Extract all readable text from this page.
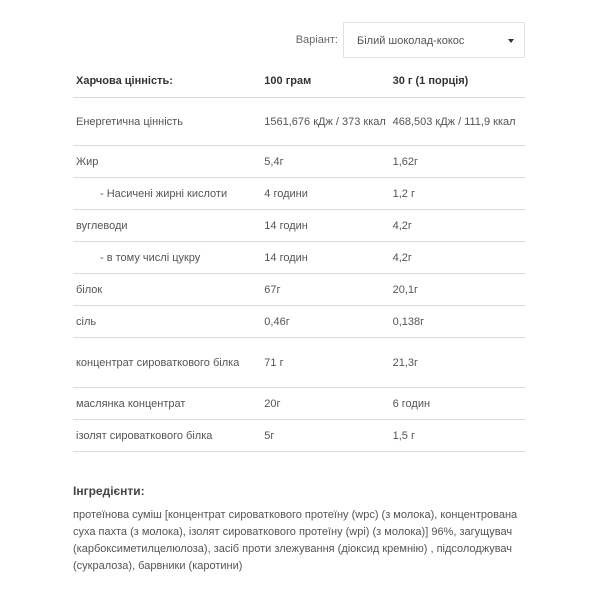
Варіант: Білий шоколад-кокос
Харчова цінність:	100 грам	30 г (1 порція)
Енергетична цінність	1561,676 кДж / 373 ккал	468,503 кДж / 111,9 ккал
Жир	5,4г	1,62г
- Насичені жирні кислоти	4 години	1,2 г
вуглеводи	14 годин	4,2г
- в тому числі цукру	14 годин	4,2г
білок	67г	20,1г
сіль	0,46г	0,138г
концентрат сироваткового білка	71 г	21,3г
маслянка концентрат	20г	6 годин
ізолят сироваткового білка	5г	1,5 г
Інгредієнти:
протеїнова суміш [концентрат сироваткового протеїну (wpc) (з молока), концентрована суха пахта (з молока), ізолят сироваткового протеїну (wpi) (з молока)] 96%, загущувач (карбоксиметилцелюлоза), засіб проти злежування (діоксид кремнію) , підсолоджувач (сукралоза), барвники (каротини)
